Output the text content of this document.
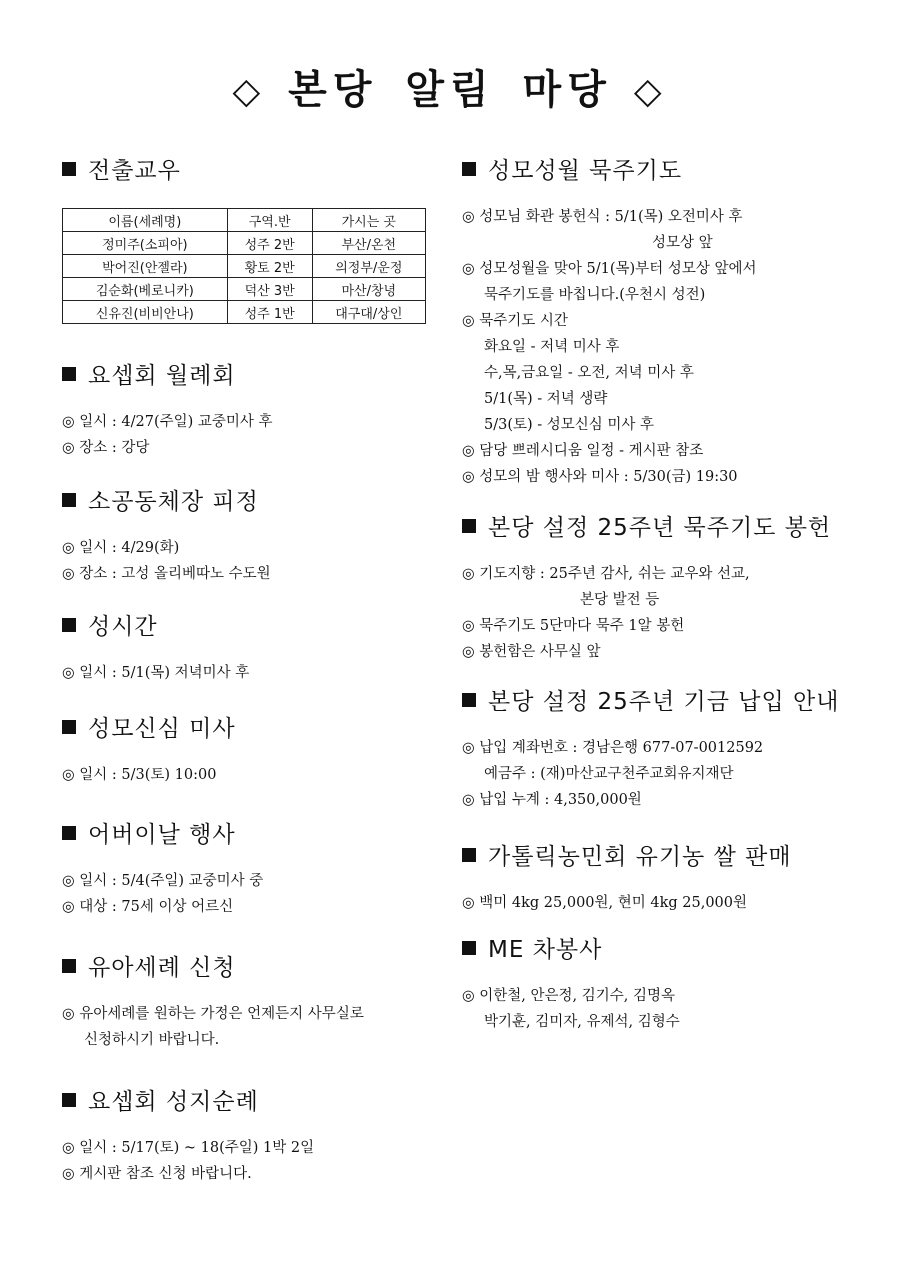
◇ 본당 알림 마당 ◇
전출교우
이름(세례명)	구역.반	가시는 곳
정미주(소피아)	성주 2반	부산/온천
박어진(안젤라)	황토 2반	의정부/운정
김순화(베로니카)	덕산 3반	마산/창녕
신유진(비비안나)	성주 1반	대구대/상인
요셉회 월례회
◎ 일시 : 4/27(주일) 교중미사 후
◎ 장소 : 강당
소공동체장 피정
◎ 일시 : 4/29(화)
◎ 장소 : 고성 올리베따노 수도원
성시간
◎ 일시 : 5/1(목) 저녁미사 후
성모신심 미사
◎ 일시 : 5/3(토) 10:00
어버이날 행사
◎ 일시 : 5/4(주일) 교중미사 중
◎ 대상 : 75세 이상 어르신
유아세례 신청
◎ 유아세례를 원하는 가정은 언제든지 사무실로
신청하시기 바랍니다.
요셉회 성지순례
◎ 일시 : 5/17(토) ~ 18(주일) 1박 2일
◎ 게시판 참조 신청 바랍니다.
성모성월 묵주기도
◎ 성모님 화관 봉헌식 : 5/1(목) 오전미사 후
성모상 앞
◎ 성모성월을 맞아 5/1(목)부터 성모상 앞에서
묵주기도를 바칩니다.(우천시 성전)
◎ 묵주기도 시간
화요일 - 저녁 미사 후
수,목,금요일 - 오전, 저녁 미사 후
5/1(목) - 저녁 생략
5/3(토) - 성모신심 미사 후
◎ 담당 쁘레시디움 일정 - 게시판 참조
◎ 성모의 밤 행사와 미사 : 5/30(금) 19:30
본당 설정 25주년 묵주기도 봉헌
◎ 기도지향 : 25주년 감사, 쉬는 교우와 선교,
본당 발전 등
◎ 묵주기도 5단마다 묵주 1알 봉헌
◎ 봉헌함은 사무실 앞
본당 설정 25주년 기금 납입 안내
◎ 납입 계좌번호 : 경남은행 677-07-0012592
예금주 : (재)마산교구천주교회유지재단
◎ 납입 누계 : 4,350,000원
가톨릭농민회 유기농 쌀 판매
◎ 백미 4kg 25,000원, 현미 4kg 25,000원
ME 차봉사
◎ 이한철, 안은정, 김기수, 김명옥
박기훈, 김미자, 유제석, 김형수
